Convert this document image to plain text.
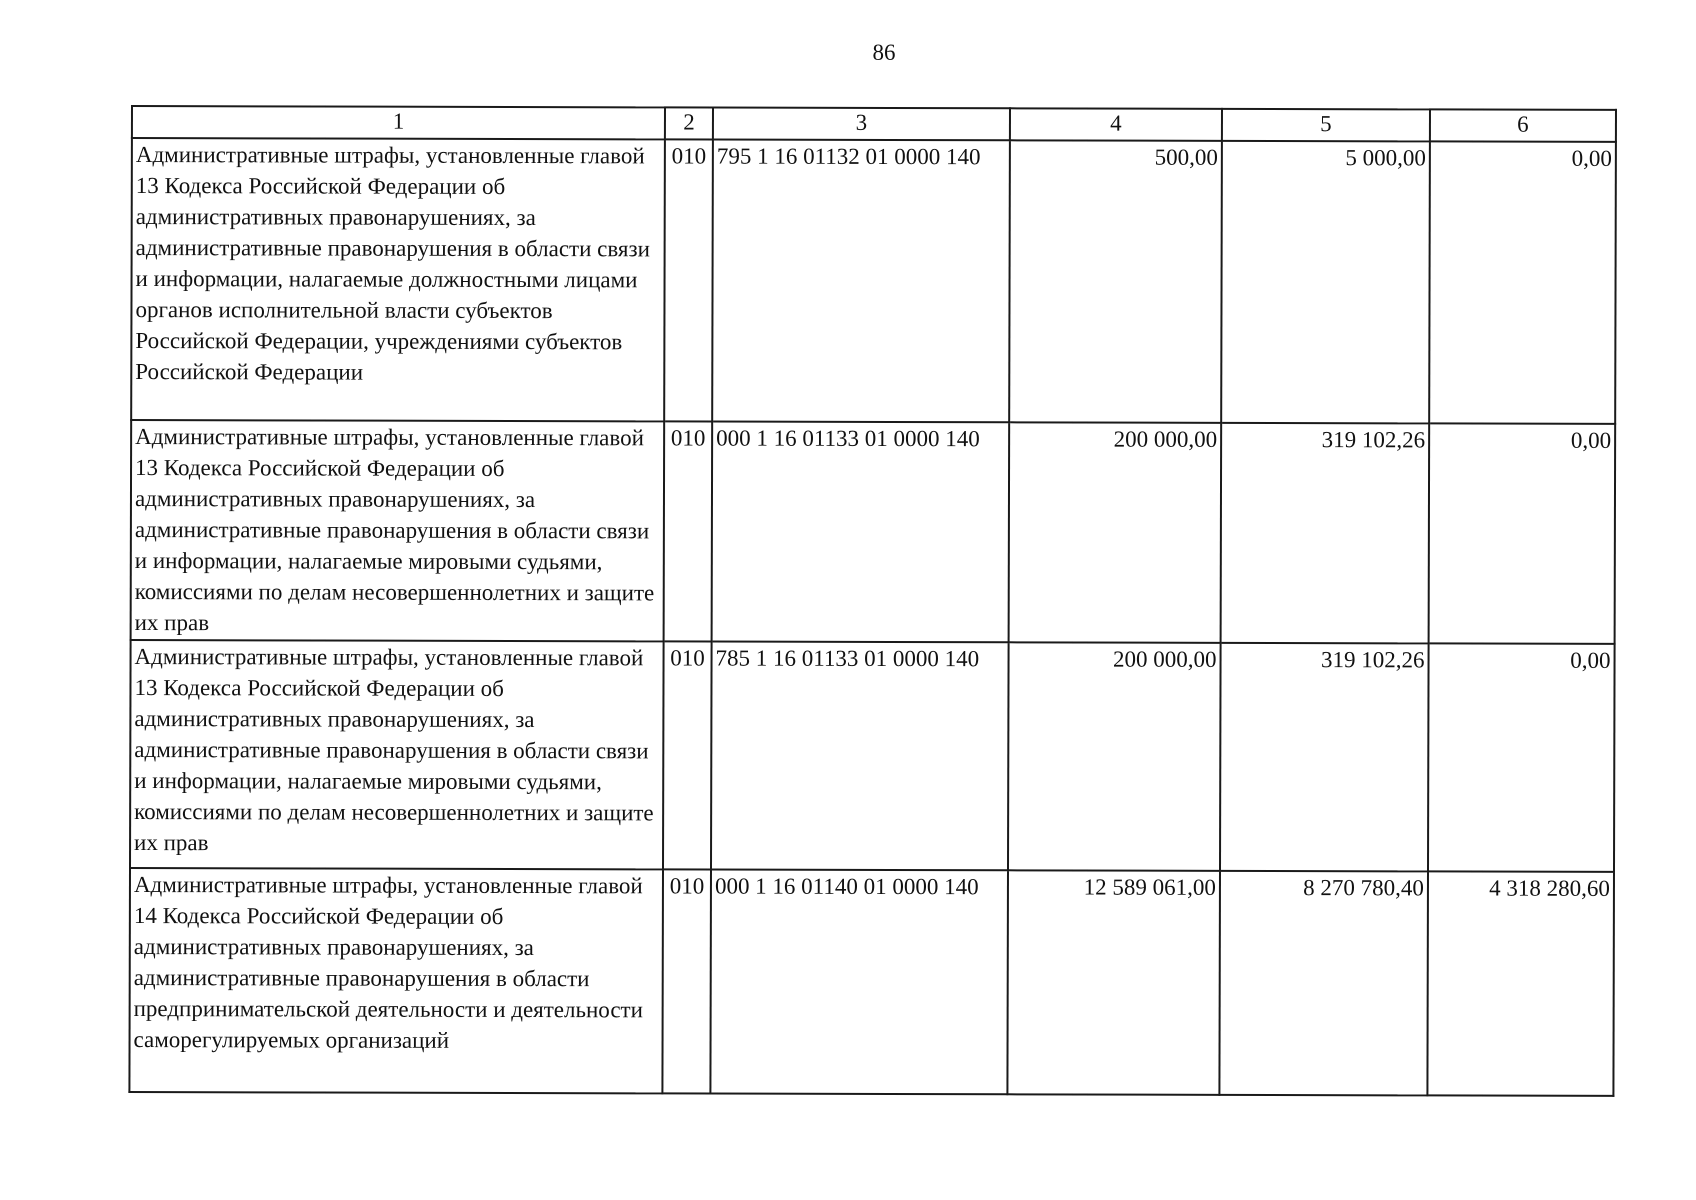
86
1	2	3	4	5	6
Административные штрафы, установленные главой 13 Кодекса Российской Федерации об административных правонарушениях, за административные правонарушения в области связи и информации, налагаемые должностными лицами органов исполнительной власти субъектов Российской Федерации, учреждениями субъектов Российской Федерации	010	795 1 16 01132 01 0000 140	500,00	5 000,00	0,00
Административные штрафы, установленные главой 13 Кодекса Российской Федерации об административных правонарушениях, за административные правонарушения в области связи и информации, налагаемые мировыми судьями, комиссиями по делам несовершеннолетних и защите их прав	010	000 1 16 01133 01 0000 140	200 000,00	319 102,26	0,00
Административные штрафы, установленные главой 13 Кодекса Российской Федерации об административных правонарушениях, за административные правонарушения в области связи и информации, налагаемые мировыми судьями, комиссиями по делам несовершеннолетних и защите их прав	010	785 1 16 01133 01 0000 140	200 000,00	319 102,26	0,00
Административные штрафы, установленные главой 14 Кодекса Российской Федерации об административных правонарушениях, за административные правонарушения в области предпринимательской деятельности и деятельности саморегулируемых организаций	010	000 1 16 01140 01 0000 140	12 589 061,00	8 270 780,40	4 318 280,60
